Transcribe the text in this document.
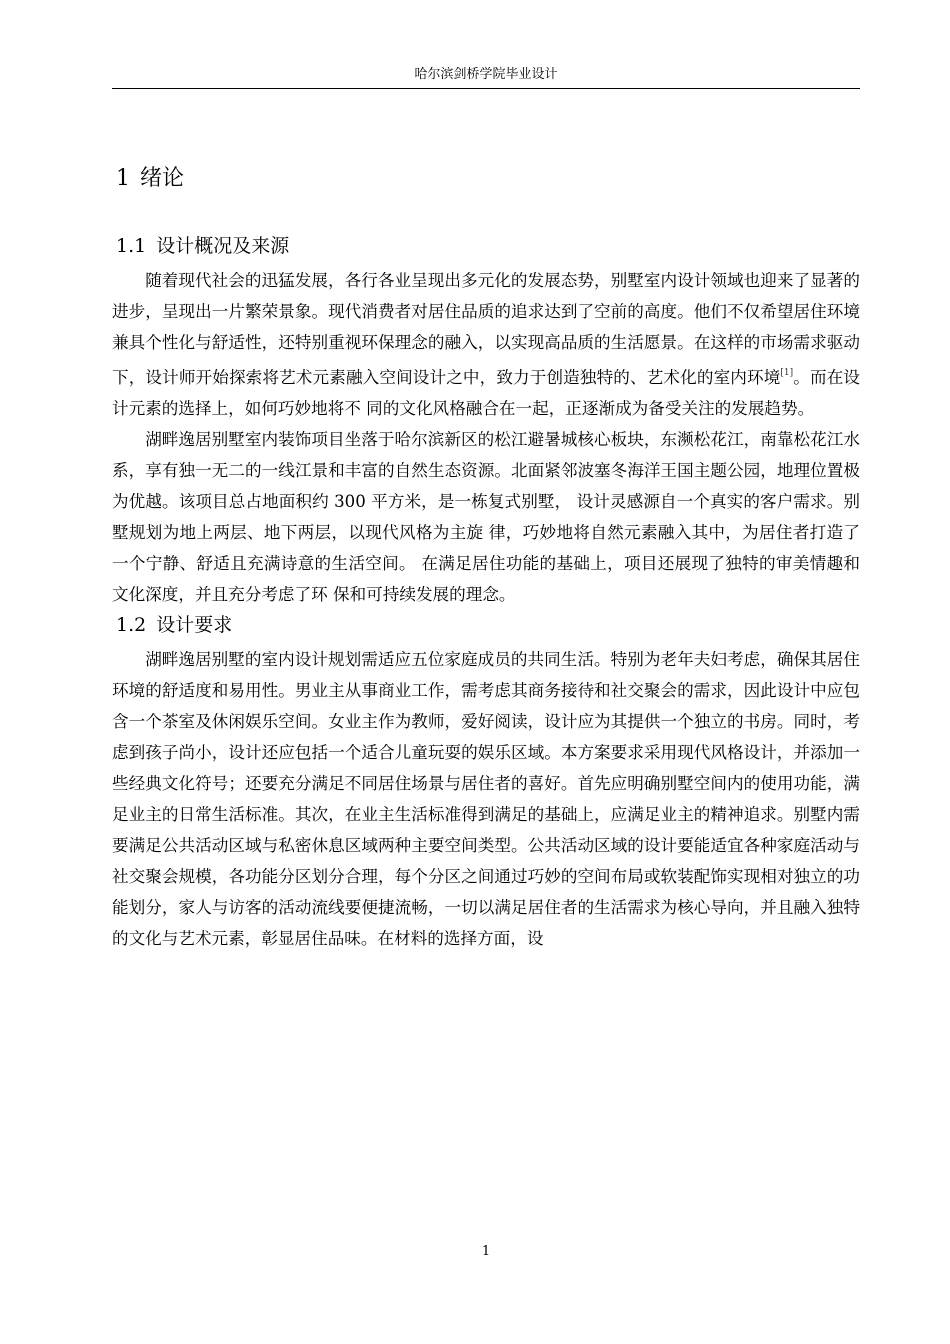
哈尔滨剑桥学院毕业设计
1 绪论
1.1 设计概况及来源

随着现代社会的迅猛发展，各行各业呈现出多元化的发展态势，别墅室内设计领域也迎来了显著的进步，呈现出一片繁荣景象。现代消费者对居住品质的追求达到了空前的高度。他们不仅希望居住环境兼具个性化与舒适性，还特别重视环保理念的融入，以实现高品质的生活愿景。在这样的市场需求驱动下，设计师开始探索将艺术元素融入空间设计之中，致力于创造独特的、艺术化的室内环境[1]。而在设计元素的选择上，如何巧妙地将不 同的文化风格融合在一起，正逐渐成为备受关注的发展趋势。

湖畔逸居别墅室内装饰项目坐落于哈尔滨新区的松江避暑城核心板块，东濒松花江，南靠松花江水系，享有独一无二的一线江景和丰富的自然生态资源。北面紧邻波塞冬海洋王国主题公园，地理位置极为优越。该项目总占地面积约 300 平方米，是一栋复式别墅， 设计灵感源自一个真实的客户需求。别墅规划为地上两层、地下两层，以现代风格为主旋 律，巧妙地将自然元素融入其中，为居住者打造了一个宁静、舒适且充满诗意的生活空间。 在满足居住功能的基础上，项目还展现了独特的审美情趣和文化深度，并且充分考虑了环 保和可持续发展的理念。

1.2 设计要求

湖畔逸居别墅的室内设计规划需适应五位家庭成员的共同生活。特别为老年夫妇考虑，确保其居住环境的舒适度和易用性。男业主从事商业工作，需考虑其商务接待和社交聚会的需求，因此设计中应包含一个茶室及休闲娱乐空间。女业主作为教师，爱好阅读，设计应为其提供一个独立的书房。同时，考虑到孩子尚小，设计还应包括一个适合儿童玩耍的娱乐区域。本方案要求采用现代风格设计，并添加一些经典文化符号；还要充分满足不同居住场景与居住者的喜好。首先应明确别墅空间内的使用功能，满足业主的日常生活标准。其次，在业主生活标准得到满足的基础上，应满足业主的精神追求。别墅内需要满足公共活动区域与私密休息区域两种主要空间类型。公共活动区域的设计要能适宜各种家庭活动与社交聚会规模，各功能分区划分合理，每个分区之间通过巧妙的空间布局或软装配饰实现相对独立的功能划分，家人与访客的活动流线要便捷流畅，一切以满足居住者的生活需求为核心导向，并且融入独特的文化与艺术元素，彰显居住品味。在材料的选择方面，设

1
